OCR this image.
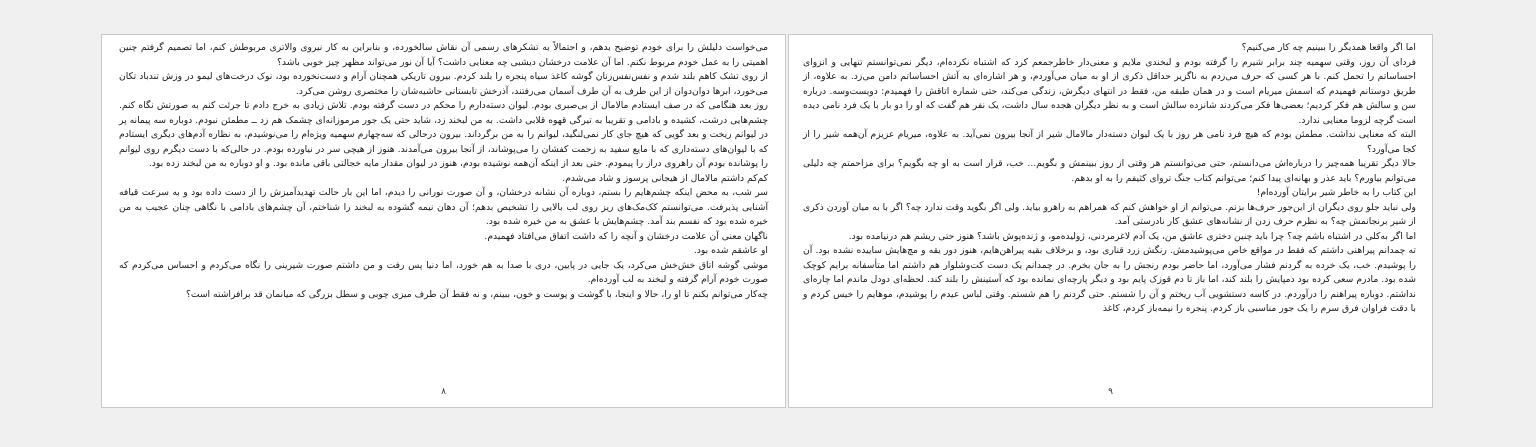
می‌خواست دلیلش را برای خودم توضیح بدهم، و احتمالاً به تشکرهای رسمی آن نقاش سالخورده، و بنابراین به کار نیروی والاتری مربوطش کنم، اما تصمیم گرفتم چنین اهمیتی را به عمل خودم مربوط نکنم. اما آن علامت درخشان دیشبی چه معنایی داشت؟ آیا آن نور می‌تواند مظهر چیز خوبی باشد؟

از روی تشک کاهم بلند شدم و نفس‌نفس‌زنان گوشه کاغذ سیاه پنجره را بلند کردم. بیرون تاریکی همچنان آرام و دست‌نخورده بود، نوک درخت‌های لیمو در وزش تندباد تکان می‌خورد، ابرها دوان‌دوان از این طرف به آن طرف آسمان می‌رفتند، آذرخش تابستانی حاشیه‌شان را مختصری روشن می‌کرد.

روز بعد هنگامی که در صف ایستادم مالامال از بی‌صبری بودم. لیوان دسته‌دارم را محکم در دست گرفته بودم. تلاش زیادی به خرج دادم تا جرئت کنم به صورتش نگاه کنم. چشم‌هایی درشت، کشیده و بادامی و تقریبا به تیرگی قهوه قلابی داشت. به من لبخند زد، شاید حتی یک جور مرموزانه‌ای چشمک هم زد ــ مطمئن نبودم. دوباره سه پیمانه پر در لیوانم ریخت و بعد گویی که هیچ جای کار نمی‌لنگید، لیوانم را به من برگرداند. بیرون درحالی که سه‌چهارم سهمیه ویژه‌ام را می‌نوشیدم، به نظاره آدم‌های دیگری ایستادم که با لیوان‌های دسته‌داری که با مایع سفید به زحمت کفشان را می‌پوشاند، از آنجا بیرون می‌آمدند. هنوز از هیچی سر در نیاورده بودم. در حالی‌که با دست دیگرم روی لیوانم را پوشانده بودم آن راهروی دراز را پیمودم. حتی بعد از اینکه آن‌همه نوشیده بودم، هنوز در لیوان مقدار مایه خجالتی باقی مانده بود. و او دوباره به من لبخند زده بود.

کم‌کم داشتم مالامال از هیجانی پرسوز و شاد می‌شدم.

سر شب، به محض اینکه چشم‌هایم را بستم، دوباره آن نشانه درخشان، و آن صورت نورانی را دیدم، اما این بار حالت تهدیدآمیزش را از دست داده بود و به سرعت قیافه آشنایی پذیرفت. می‌توانستم کک‌مک‌های ریز روی لب بالایی را تشخیص بدهم؛ آن دهان نیمه گشوده به لبخند را شناختم، آن چشم‌های بادامی با نگاهی چنان عجیب به من خیره شده بود که نفسم بند آمد. چشم‌هایش با عشق به من خیره شده بود.

ناگهان معنی آن علامت درخشان و آنچه را که داشت اتفاق می‌افتاد فهمیدم.

او عاشقم شده بود.

موشی گوشه اتاق خش‌خش می‌کرد، یک جایی در پایین، دری با صدا به هم خورد، اما دنیا پس رفت و من داشتم صورت شیرینی را نگاه می‌کردم و احساس می‌کردم که صورت خودم آرام گرفته و لبخند به لب آورده‌ام.

چه‌کار می‌توانم بکنم تا او را، حالا و اینجا، با گوشت و پوست و خون، ببینم، و نه فقط آن طرف میزی چوبی و سطل بزرگی که میانمان قد برافراشته است؟

۸

اما اگر واقعا همدیگر را ببینیم چه کار می‌کنیم؟

فردای آن روز، وقتی سهمیه چند برابر شیرم را گرفته بودم و لبخندی ملایم و معنی‌دار خاطرجمعم کرد که اشتباه نکرده‌ام، دیگر نمی‌توانستم تنهایی و انزوای احساساتم را تحمل کنم. با هر کسی که حرف می‌زدم به ناگزیر حداقل ذکری از او به میان می‌آوردم، و هر اشاره‌ای به آتش احساساتم دامن می‌زد. به علاوه، از طریق دوستانم فهمیدم که اسمش میریام است و در همان طبقه من، فقط در انتهای دیگرش، زندگی می‌کند، حتی شماره اتاقش را فهمیدم: دویست‌وسه. درباره سن و سالش هم فکر کردیم؛ بعضی‌ها فکر می‌کردند شانزده سالش است و به نظر دیگران هجده سال داشت، یک نفر هم گفت که او را دو بار با یک فرد نامی دیده است گرچه لزوما معنایی ندارد.

البته که معنایی نداشت. مطمئن بودم که هیچ فرد نامی هر روز با یک لیوان دسته‌دار مالامال شیر از آنجا بیرون نمی‌آید. به علاوه، میریام عزیزم آن‌همه شیر را از کجا می‌آورد؟

حالا دیگر تقریبا همه‌چیز را درباره‌اش می‌دانستم، حتی می‌توانستم هر وقتی از روز ببینمش و بگویم... خب، قرار است به او چه بگویم؟ برای مزاحمتم چه دلیلی می‌توانم بیاورم؟ باید عذر و بهانه‌ای پیدا کنم؛ می‌توانم کتاب جنگ تروای کثیفم را به او بدهم.

این کتاب را به خاطر شیر برایتان آورده‌ام!

ولی نباید جلو روی دیگران از این‌جور حرف‌ها بزنم. می‌توانم از او خواهش کنم که همراهم به راهرو بیاید. ولی اگر بگوید وقت ندارد چه؟ اگر با به میان آوردن ذکری از شیر برنجانمش چه؟ به نظرم حرف زدن از نشانه‌های عشق کار نادرستی آمد.

اما اگر به‌کلی در اشتباه باشم چه؟ چرا باید چنین دختری عاشق من، یک آدم لاغرمردنی، ژولیده‌مو، و ژنده‌پوش باشد؟ هنوز حتی ریشم هم درنیامده بود.

ته چمدانم پیراهنی داشتم که فقط در مواقع خاص می‌پوشیدمش. رنگش زرد قناری بود، و برخلاف بقیه پیراهن‌هایم، هنوز دور یقه و مچ‌هایش ساییده نشده بود. آن را پوشیدم. خب، یک خرده به گردنم فشار می‌آورد، اما حاضر بودم رنجش را به جان بخرم. در چمدانم یک دست کت‌وشلوار هم داشتم اما متأسفانه برایم کوچک شده بود. مادرم سعی کرده بود دمپایش را بلند کند، اما باز تا دم قوزک پایم بود و دیگر پارچه‌ای نمانده بود که آستینش را بلند کند. لحظه‌ای دودل ماندم اما چاره‌ای نداشتم. دوباره پیراهنم را درآوردم. در کاسه دستشویی آب ریختم و آن را شستم. حتی گردنم را هم شستم. وقتی لباس عیدم را پوشیدم، موهایم را خیس کردم و با دقت فراوان فرق سرم را یک جور مناسبی باز کردم. پنجره را نیمه‌باز کردم، کاغذ

۹
